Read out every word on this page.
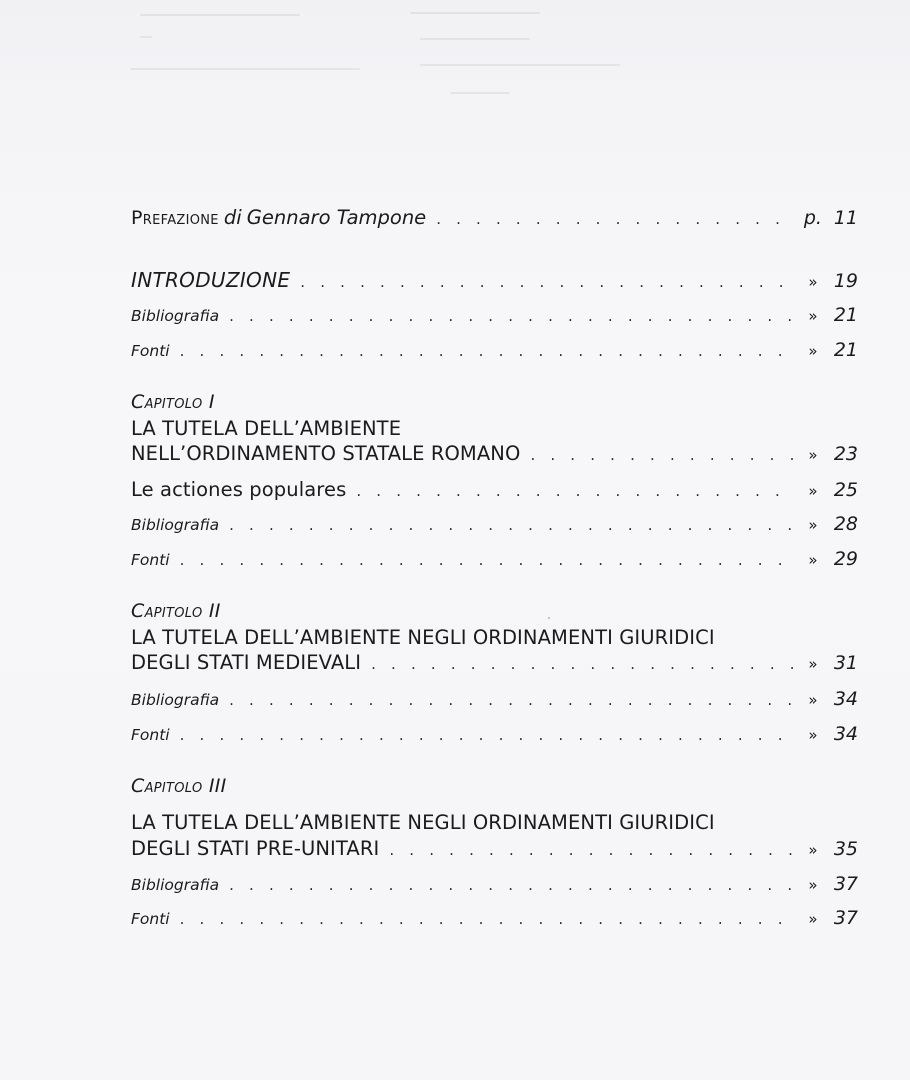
Prefazione di Gennaro Tampone . . .	p. 11
INTRODUZIONE . . .	» 19
Bibliografia . . .	» 21
Fonti . . .	» 21
Capitolo I
LA TUTELA DELL’AMBIENTE
NELL’ORDINAMENTO STATALE ROMANO . . .	» 23
Le actiones populares . . .	» 25
Bibliografia . . .	» 28
Fonti . . .	» 29
Capitolo II
LA TUTELA DELL’AMBIENTE NEGLI ORDINAMENTI GIURIDICI
DEGLI STATI MEDIEVALI . . .	» 31
Bibliografia . . .	» 34
Fonti . . .	» 34
Capitolo III
LA TUTELA DELL’AMBIENTE NEGLI ORDINAMENTI GIURIDICI
DEGLI STATI PRE-UNITARI . . .	» 35
Bibliografia . . .	» 37
Fonti . . .	» 37
